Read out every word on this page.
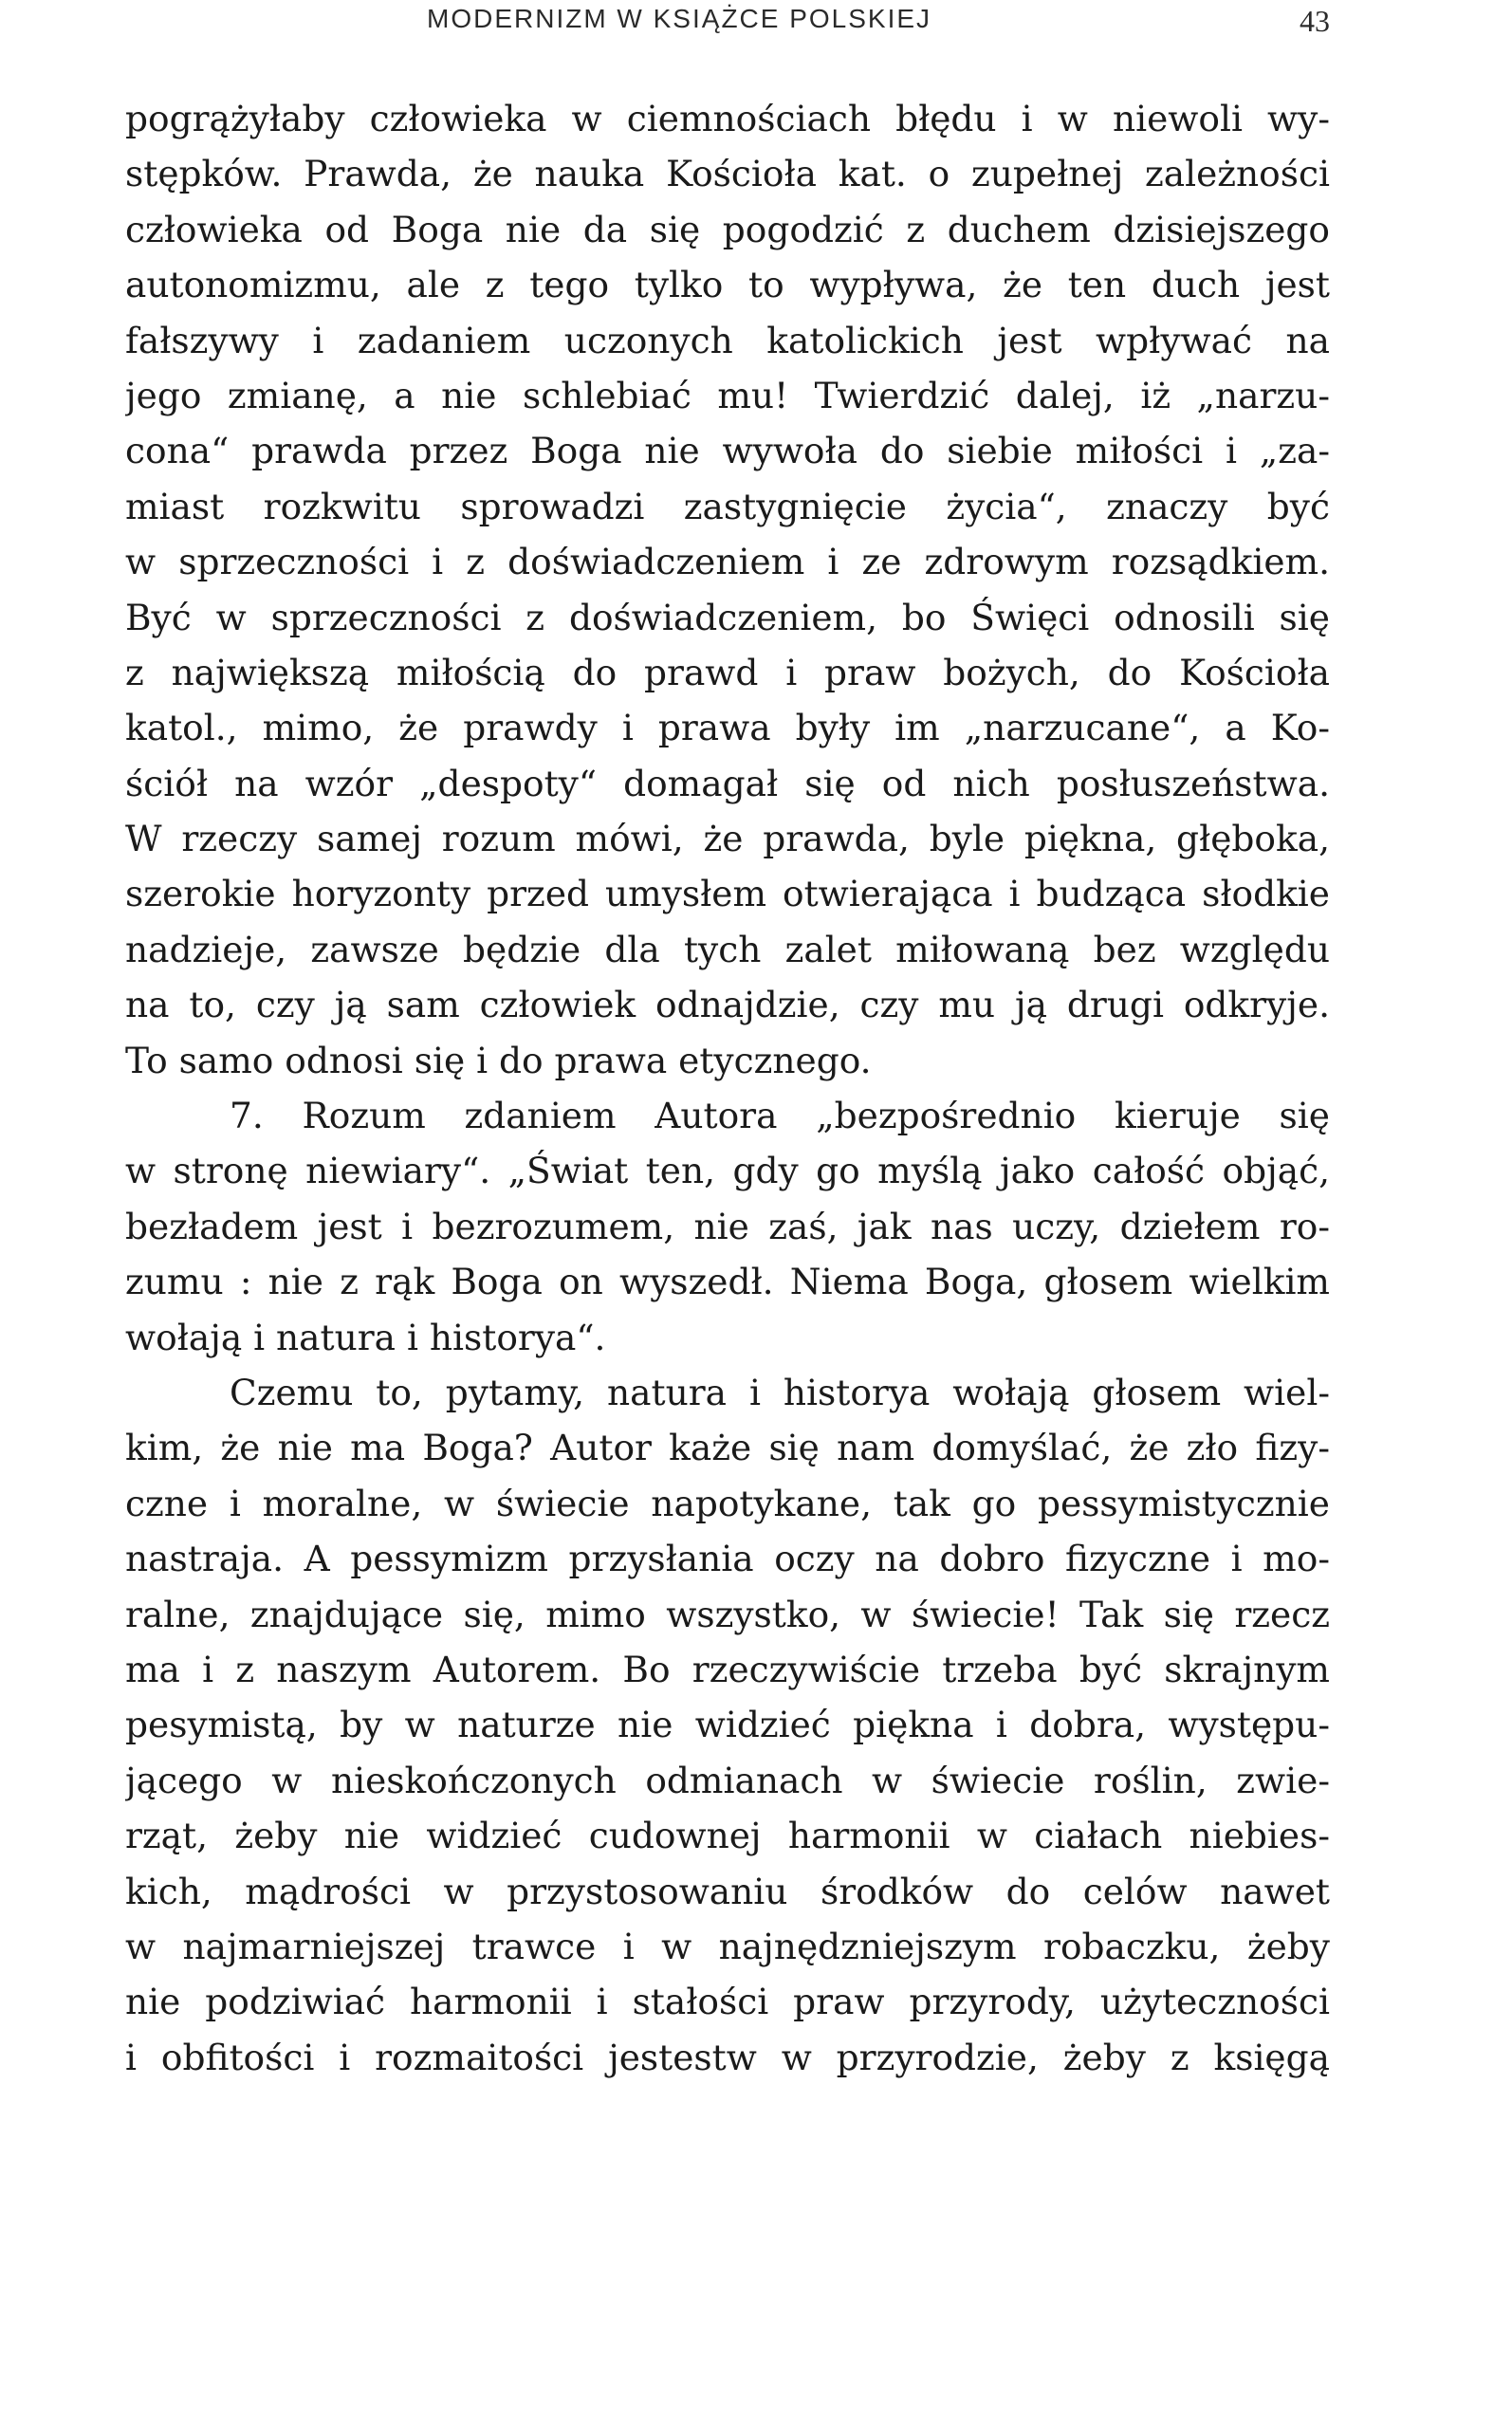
MODERNIZM W KSIĄŻCE POLSKIEJ	43
pogrążyłaby człowieka w ciemnościach błędu i w niewoli wy-
stępków. Prawda, że nauka Kościoła kat. o zupełnej zależności
człowieka od Boga nie da się pogodzić z duchem dzisiejszego
autonomizmu, ale z tego tylko to wypływa, że ten duch jest
fałszywy i zadaniem uczonych katolickich jest wpływać na
jego zmianę, a nie schlebiać mu! Twierdzić dalej, iż „narzu-
cona“ prawda przez Boga nie wywoła do siebie miłości i „za-
miast rozkwitu sprowadzi zastygnięcie życia“, znaczy być
w sprzeczności i z doświadczeniem i ze zdrowym rozsądkiem.
Być w sprzeczności z doświadczeniem, bo Święci odnosili się
z największą miłością do prawd i praw bożych, do Kościoła
katol., mimo, że prawdy i prawa były im „narzucane“, a Ko-
ściół na wzór „despoty“ domagał się od nich posłuszeństwa.
W rzeczy samej rozum mówi, że prawda, byle piękna, głęboka,
szerokie horyzonty przed umysłem otwierająca i budząca słodkie
nadzieje, zawsze będzie dla tych zalet miłowaną bez względu
na to, czy ją sam człowiek odnajdzie, czy mu ją drugi odkryje.
To samo odnosi się i do prawa etycznego.
7. Rozum zdaniem Autora „bezpośrednio kieruje się
w stronę niewiary“. „Świat ten, gdy go myślą jako całość objąć,
bezładem jest i bezrozumem, nie zaś, jak nas uczy, dziełem ro-
zumu : nie z rąk Boga on wyszedł. Niema Boga, głosem wielkim
wołają i natura i historya“.
Czemu to, pytamy, natura i historya wołają głosem wiel-
kim, że nie ma Boga? Autor każe się nam domyślać, że zło fizy-
czne i moralne, w świecie napotykane, tak go pessymistycznie
nastraja. A pessymizm przysłania oczy na dobro fizyczne i mo-
ralne, znajdujące się, mimo wszystko, w świecie! Tak się rzecz
ma i z naszym Autorem. Bo rzeczywiście trzeba być skrajnym
pesymistą, by w naturze nie widzieć piękna i dobra, występu-
jącego w nieskończonych odmianach w świecie roślin, zwie-
rząt, żeby nie widzieć cudownej harmonii w ciałach niebies-
kich, mądrości w przystosowaniu środków do celów nawet
w najmarniejszej trawce i w najnędzniejszym robaczku, żeby
nie podziwiać harmonii i stałości praw przyrody, użyteczności
i obfitości i rozmaitości jestestw w przyrodzie, żeby z księgą
